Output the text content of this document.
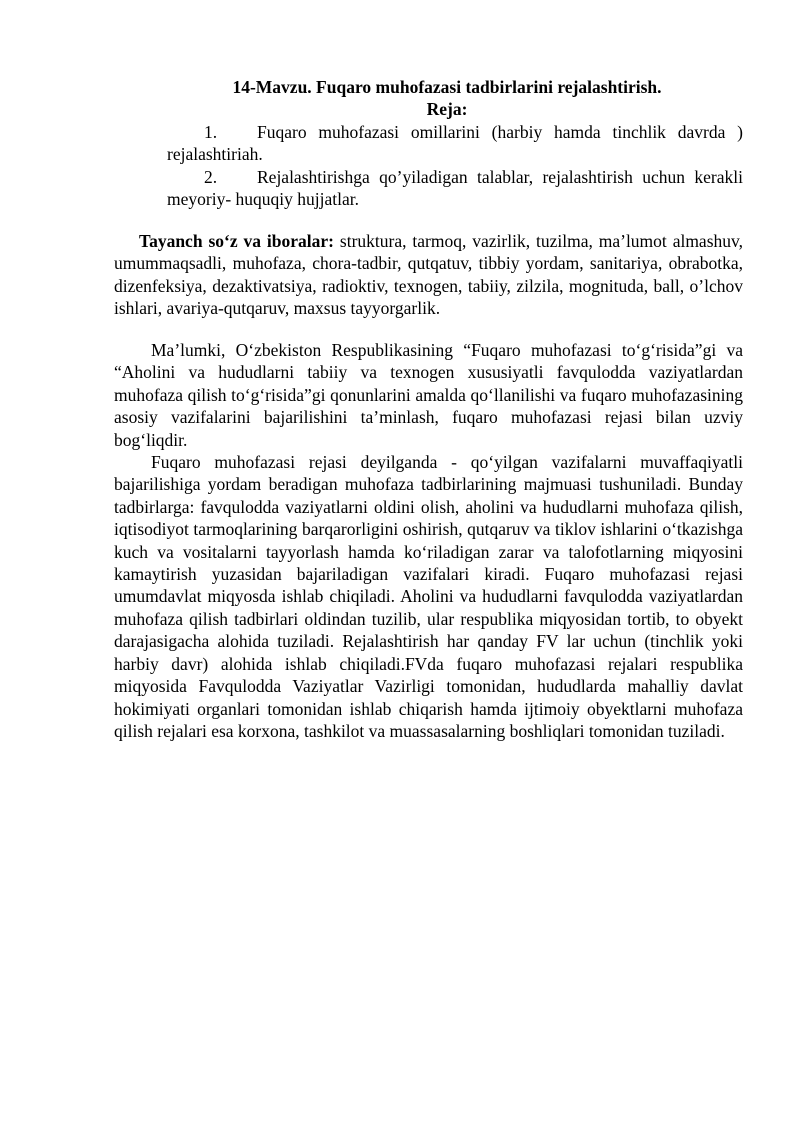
14-Mavzu. Fuqaro muhofazasi tadbirlarini rejalashtirish.
Reja:
1. Fuqaro muhofazasi omillarini (harbiy hamda tinchlik davrda ) rejalashtiriah.
2. Rejalashtirishga qo’yiladigan talablar, rejalashtirish uchun kerakli meyoriy- huquqiy hujjatlar.
Tayanch so‘z va iboralar: struktura, tarmoq, vazirlik, tuzilma, ma’lumot almashuv, umummaqsadli, muhofaza, chora-tadbir, qutqatuv, tibbiy yordam, sanitariya, obrabotka, dizenfeksiya, dezaktivatsiya, radioktiv, texnogen, tabiiy, zilzila, mognituda, ball, o’lchov ishlari, avariya-qutqaruv, maxsus tayyorgarlik.

Ma’lumki, O‘zbekiston Respublikasining “Fuqaro muhofazasi to‘g‘risida”gi va “Aholini va hududlarni tabiiy va texnogen xususiyatli favqulodda vaziyatlardan muhofaza qilish to‘g‘risida”gi qonunlarini amalda qo‘llanilishi va fuqaro muhofazasining asosiy vazifalarini bajarilishini ta’minlash, fuqaro muhofazasi rejasi bilan uzviy bog‘liqdir.

Fuqaro muhofazasi rejasi deyilganda - qo‘yilgan vazifalarni muvaffaqiyatli bajarilishiga yordam beradigan muhofaza tadbirlarining majmuasi tushuniladi. Bunday tadbirlarga: favqulodda vaziyatlarni oldini olish, aholini va hududlarni muhofaza qilish, iqtisodiyot tarmoqlarining barqarorligini oshirish, qutqaruv va tiklov ishlarini o‘tkazishga kuch va vositalarni tayyorlash hamda ko‘riladigan zarar va talofotlarning miqyosini kamaytirish yuzasidan bajariladigan vazifalari kiradi. Fuqaro muhofazasi rejasi umumdavlat miqyosda ishlab chiqiladi. Aholini va hududlarni favqulodda vaziyatlardan muhofaza qilish tadbirlari oldindan tuzilib, ular respublika miqyosidan tortib, to obyekt darajasigacha alohida tuziladi. Rejalashtirish har qanday FV lar uchun (tinchlik yoki harbiy davr) alohida ishlab chiqiladi.FVda fuqaro muhofazasi rejalari respublika miqyosida Favqulodda Vaziyatlar Vazirligi tomonidan, hududlarda mahalliy davlat hokimiyati organlari tomonidan ishlab chiqarish hamda ijtimoiy obyektlarni muhofaza qilish rejalari esa korxona, tashkilot va muassasalarning boshliqlari tomonidan tuziladi.
